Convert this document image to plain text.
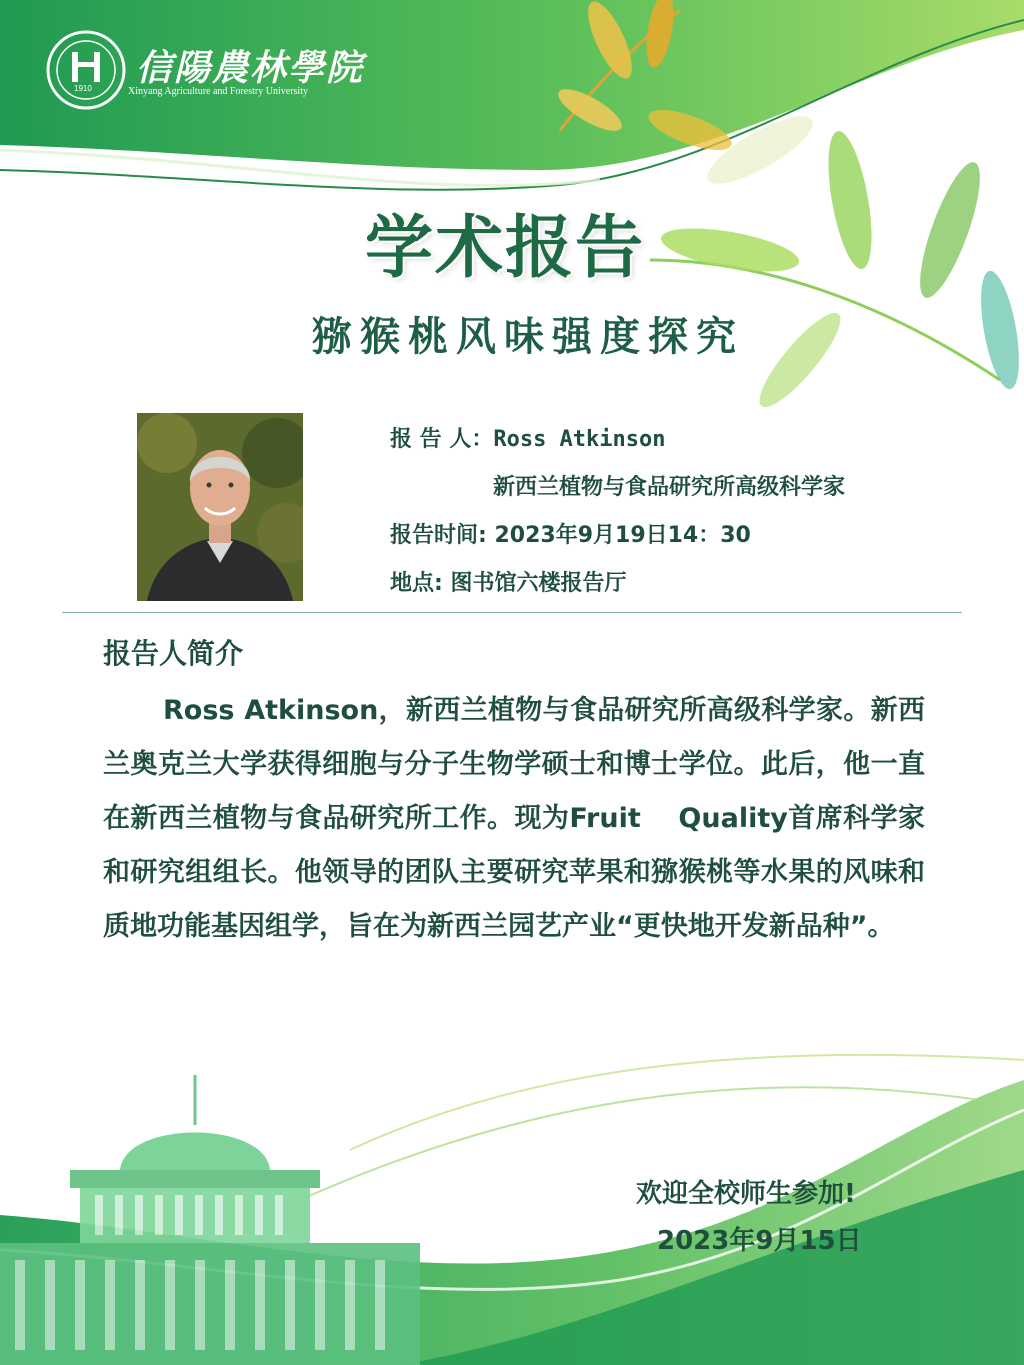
信陽農林學院
Xinyang Agriculture and Forestry University
1910
学术报告
猕猴桃风味强度探究
报 告 人：Ross Atkinson
新西兰植物与食品研究所高级科学家
报告时间: 2023年9月19日14：30
地点: 图书馆六楼报告厅
报告人简介
Ross Atkinson，新西兰植物与食品研究所高级科学家。新西兰奥克兰大学获得细胞与分子生物学硕士和博士学位。此后，他一直在新西兰植物与食品研究所工作。现为Fruit　 Quality首席科学家和研究组组长。他领导的团队主要研究苹果和猕猴桃等水果的风味和质地功能基因组学，旨在为新西兰园艺产业“更快地开发新品种”。
欢迎全校师生参加!
2023年9月15日
